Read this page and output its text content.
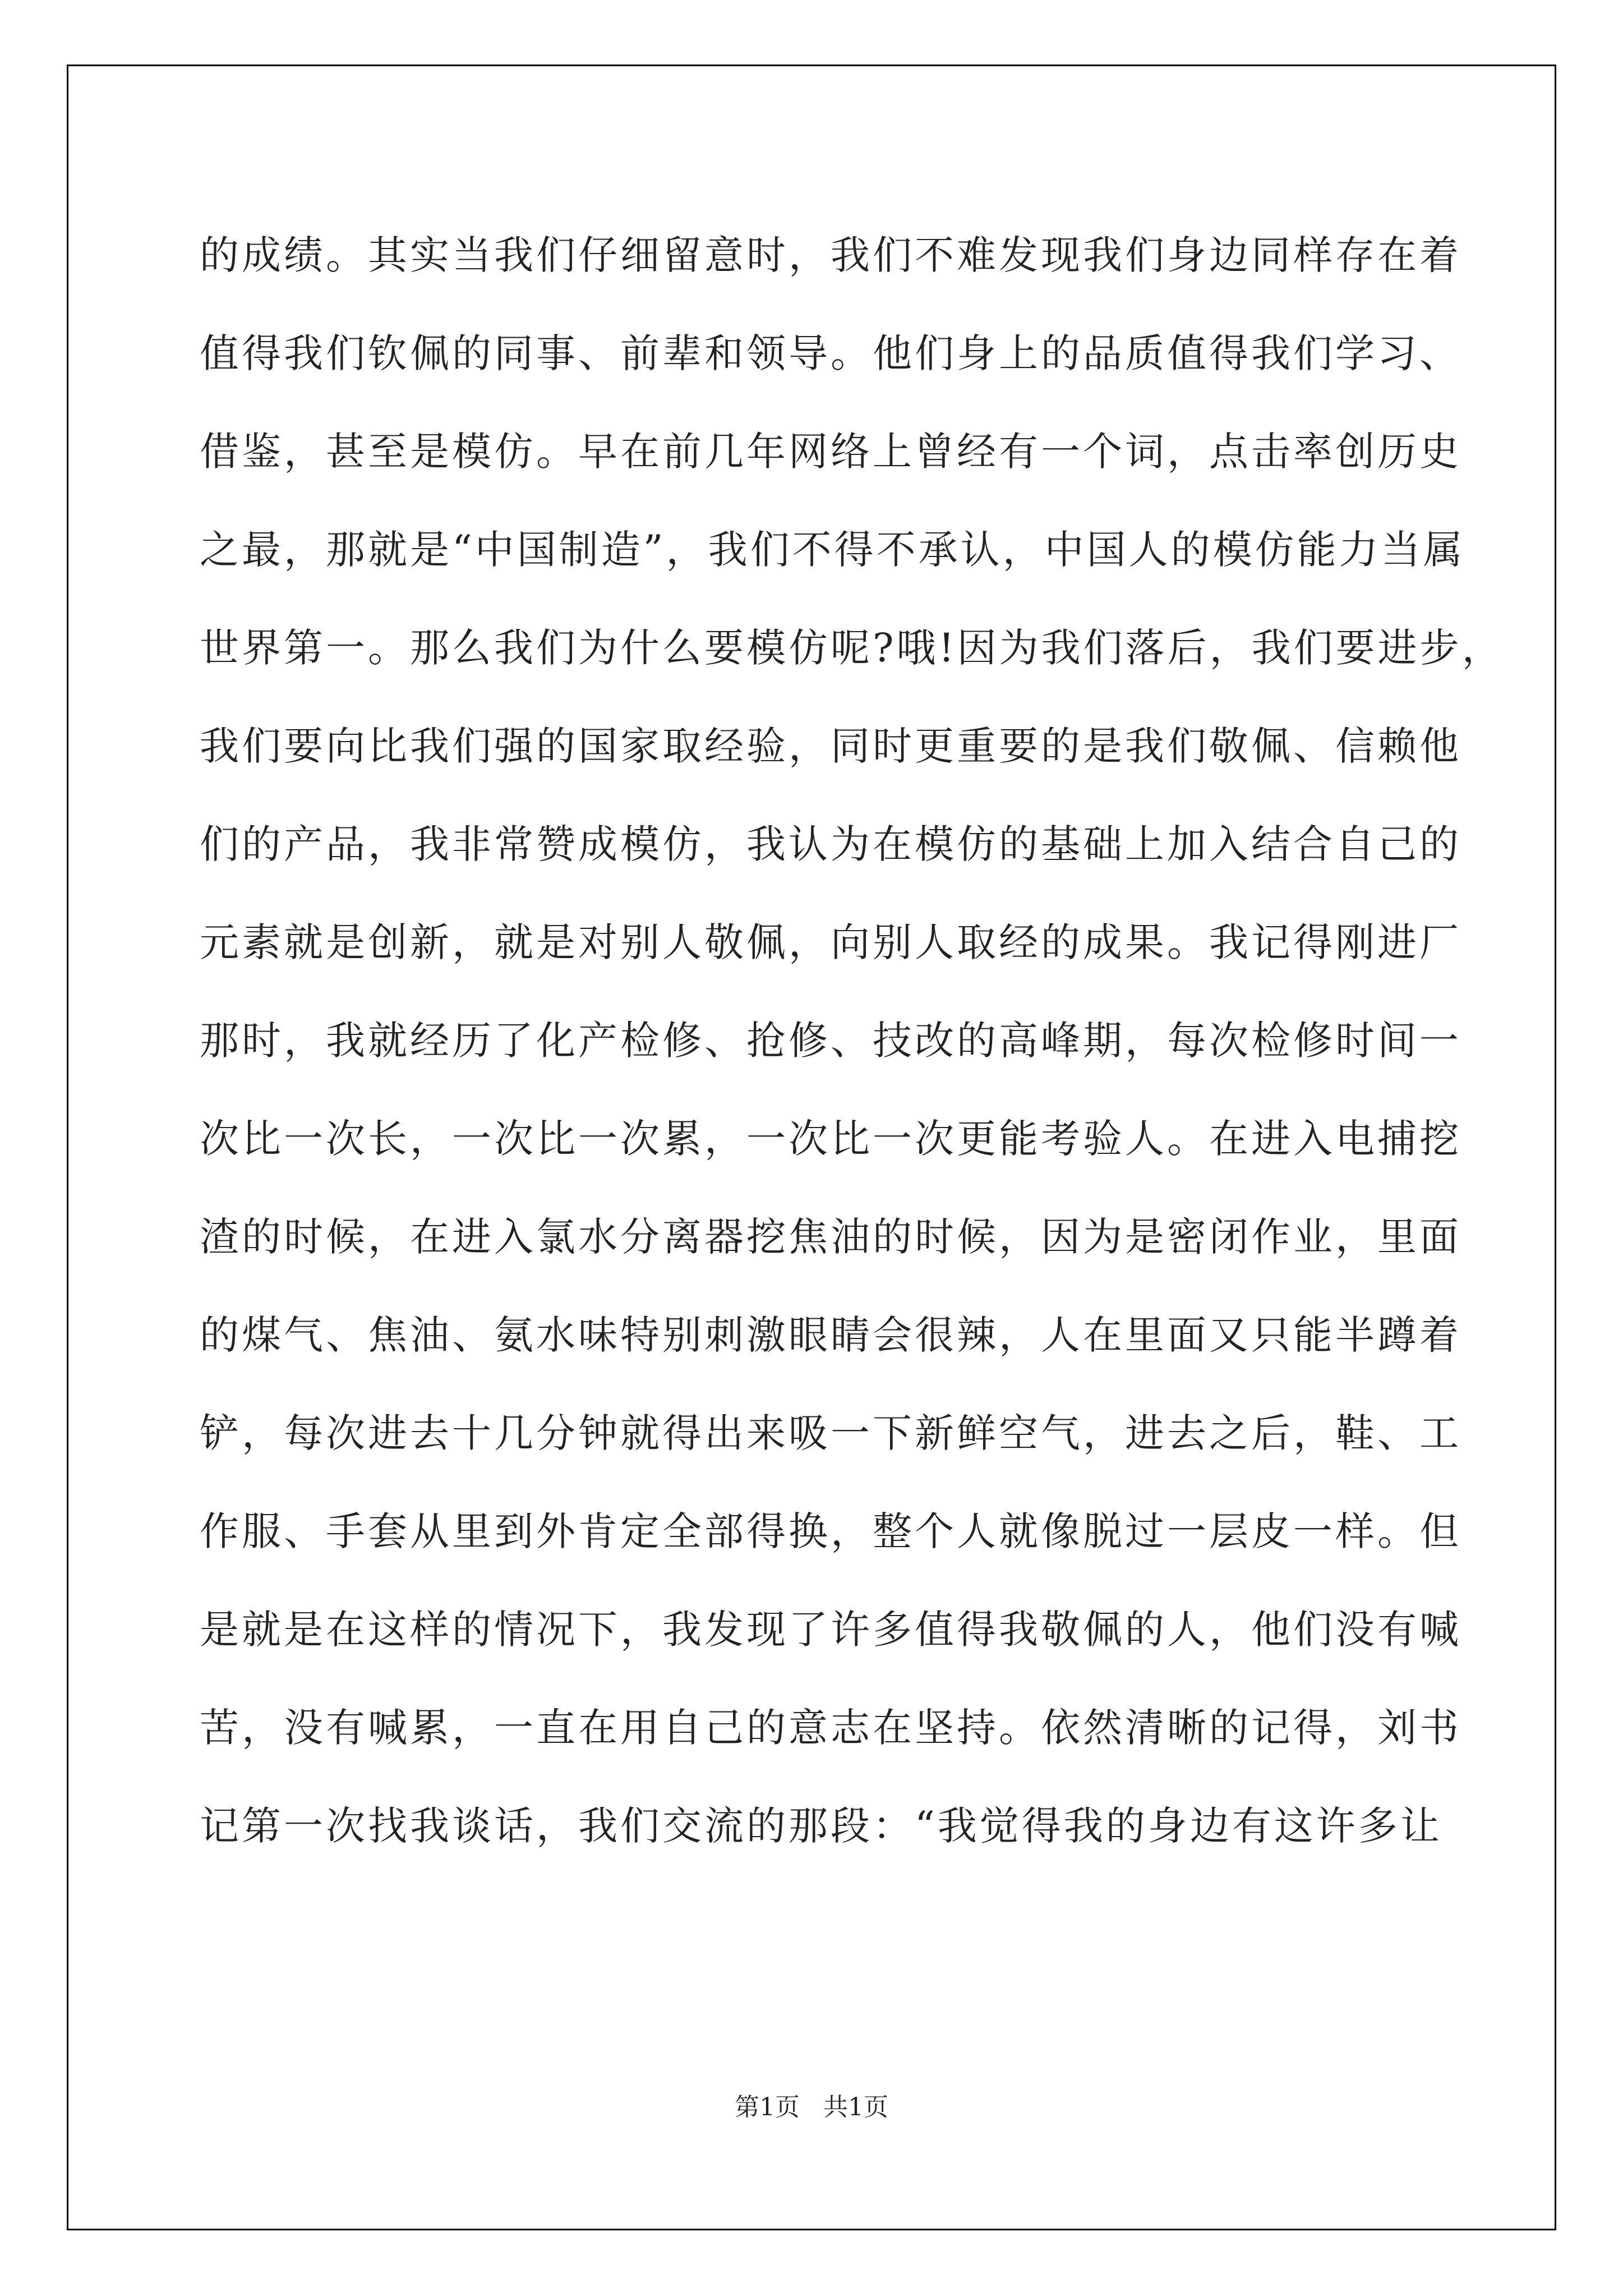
的成绩。其实当我们仔细留意时，我们不难发现我们身边同样存在着
值得我们钦佩的同事、前辈和领导。他们身上的品质值得我们学习、
借鉴，甚至是模仿。早在前几年网络上曾经有一个词，点击率创历史
之最，那就是“中国制造”，我们不得不承认，中国人的模仿能力当属
世界第一。那么我们为什么要模仿呢?哦!因为我们落后，我们要进步，
我们要向比我们强的国家取经验，同时更重要的是我们敬佩、信赖他
们的产品，我非常赞成模仿，我认为在模仿的基础上加入结合自己的
元素就是创新，就是对别人敬佩，向别人取经的成果。我记得刚进厂
那时，我就经历了化产检修、抢修、技改的高峰期，每次检修时间一
次比一次长，一次比一次累，一次比一次更能考验人。在进入电捕挖
渣的时候，在进入氯水分离器挖焦油的时候，因为是密闭作业，里面
的煤气、焦油、氨水味特别刺激眼睛会很辣，人在里面又只能半蹲着
铲，每次进去十几分钟就得出来吸一下新鲜空气，进去之后，鞋、工
作服、手套从里到外肯定全部得换，整个人就像脱过一层皮一样。但
是就是在这样的情况下，我发现了许多值得我敬佩的人，他们没有喊
苦，没有喊累，一直在用自己的意志在坚持。依然清晰的记得，刘书
记第一次找我谈话，我们交流的那段：“我觉得我的身边有这许多让
第1页   共1页
